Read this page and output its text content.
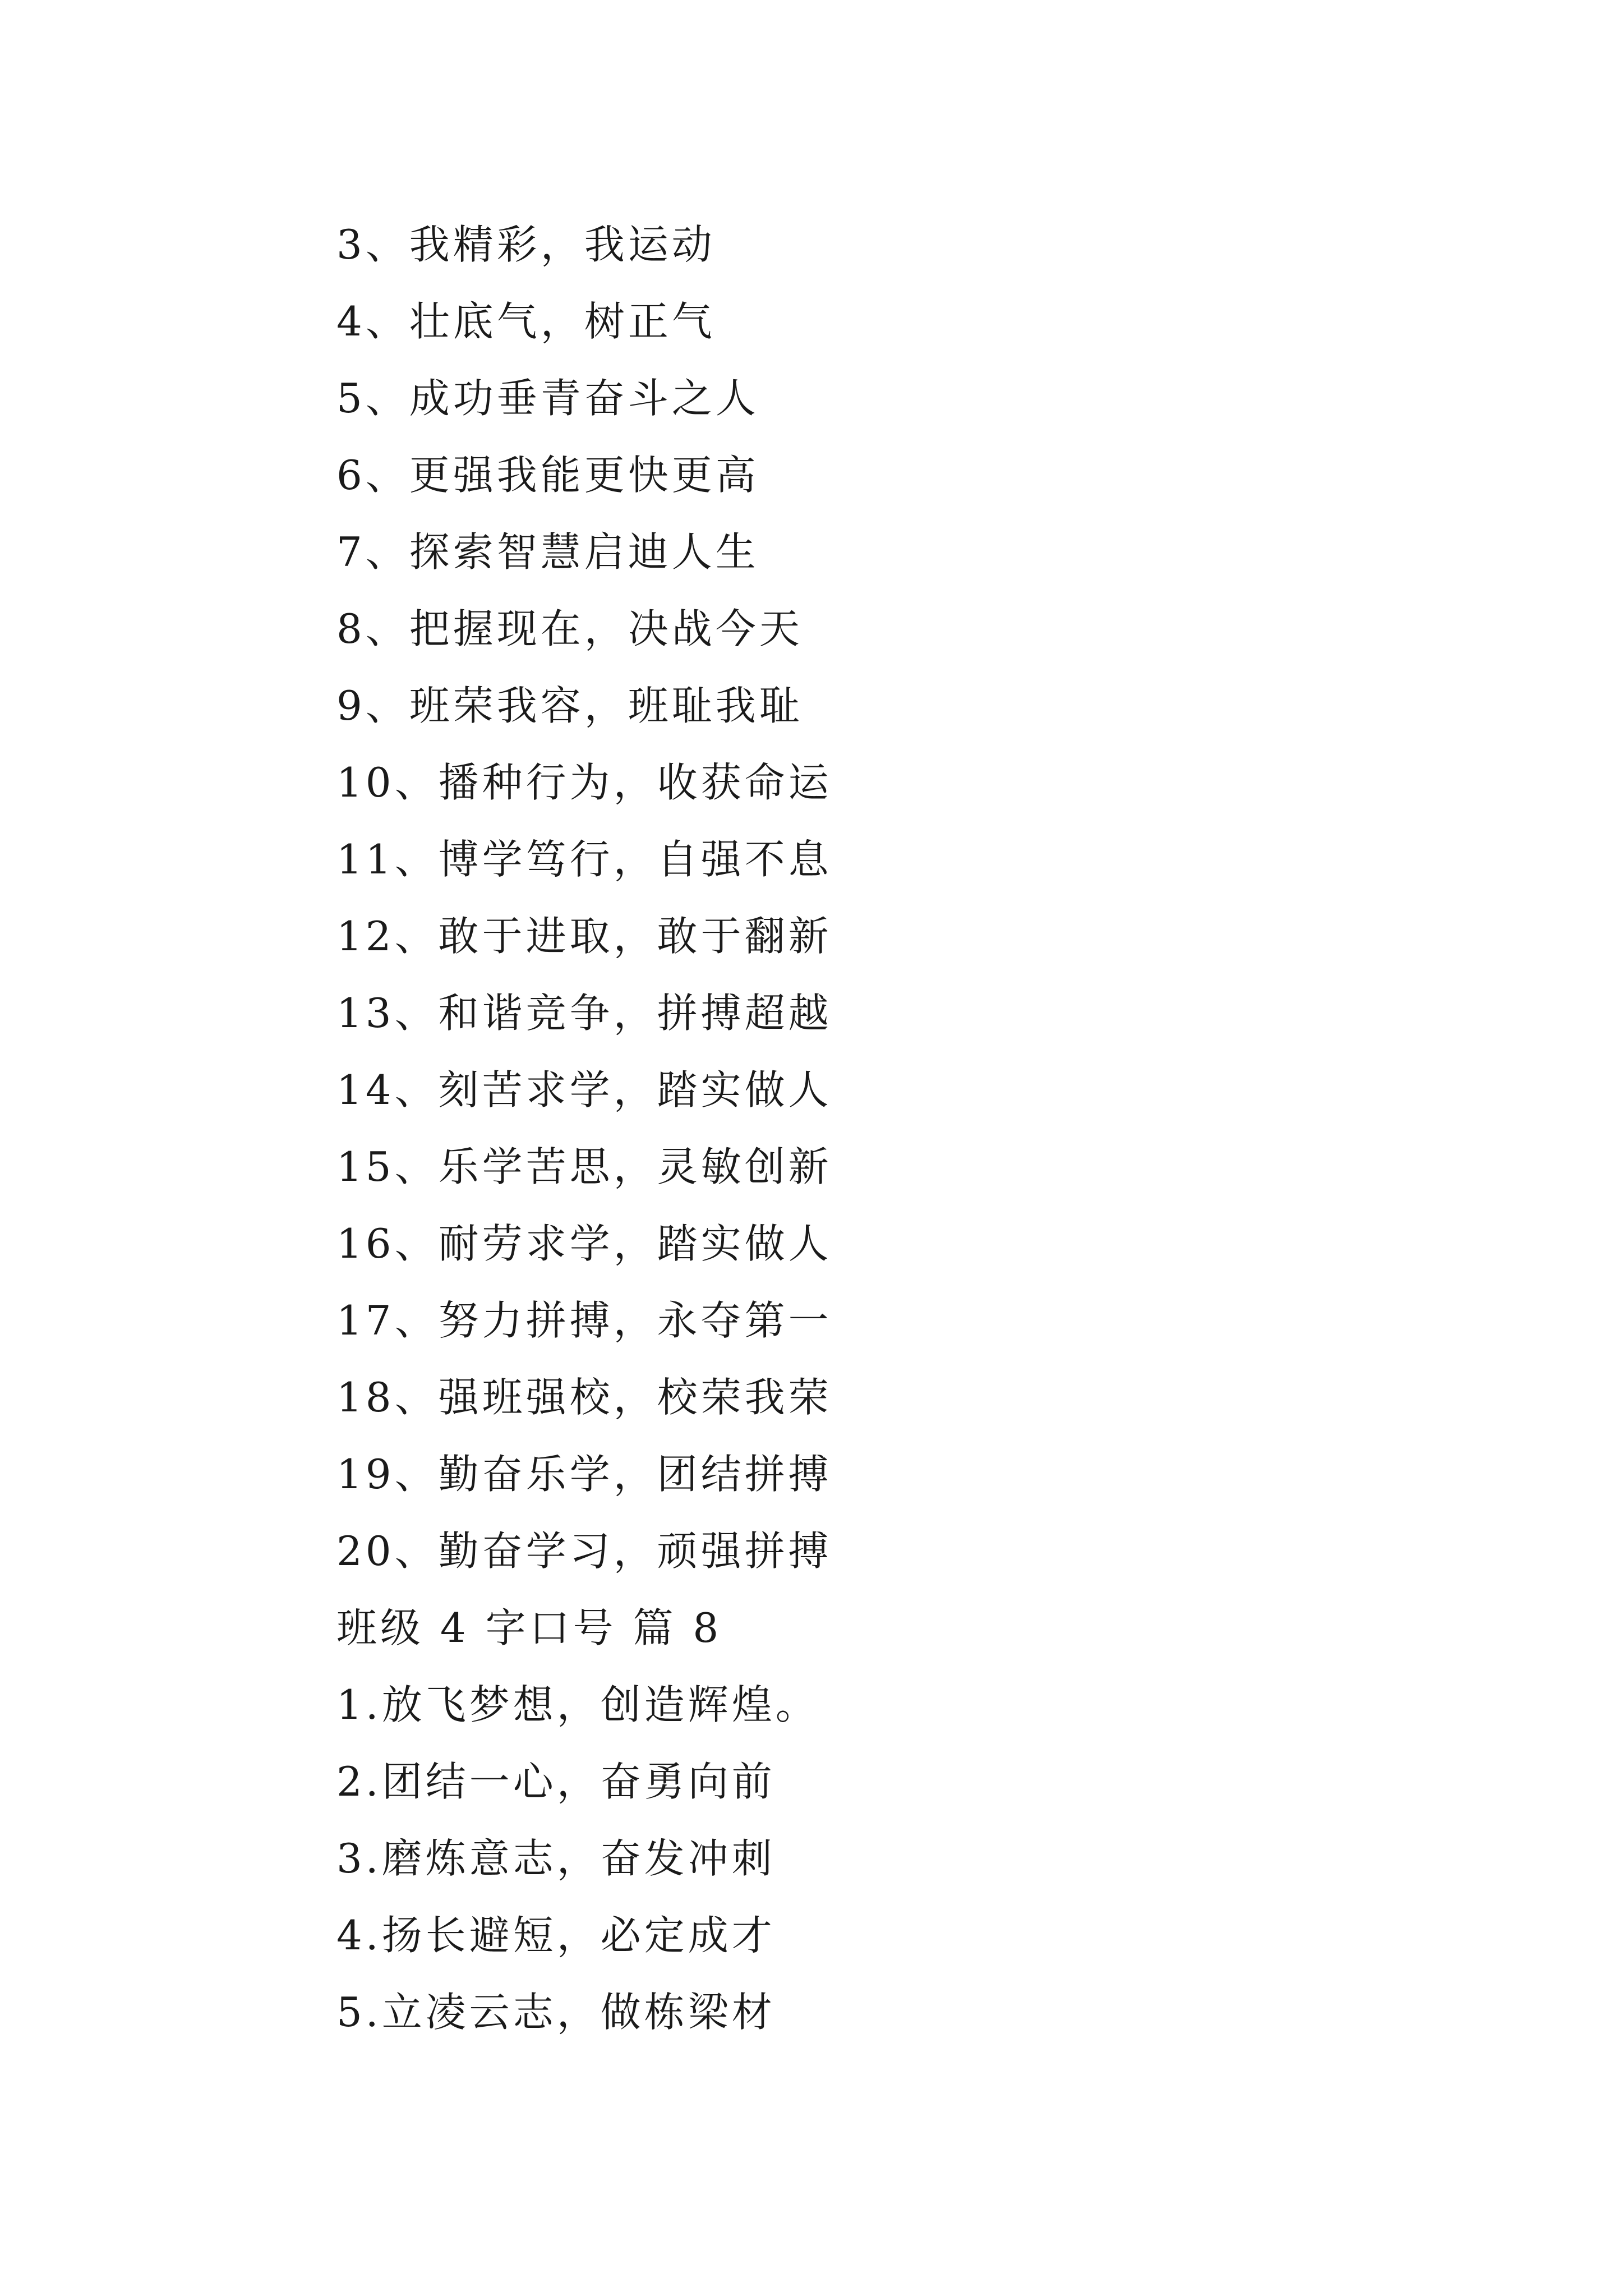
3、我精彩，我运动
4、壮底气，树正气
5、成功垂青奋斗之人
6、更强我能更快更高
7、探索智慧启迪人生
8、把握现在，决战今天
9、班荣我容，班耻我耻
10、播种行为，收获命运
11、博学笃行，自强不息
12、敢于进取，敢于翻新
13、和谐竞争，拼搏超越
14、刻苦求学，踏实做人
15、乐学苦思，灵敏创新
16、耐劳求学，踏实做人
17、努力拼搏，永夺第一
18、强班强校，校荣我荣
19、勤奋乐学，团结拼搏
20、勤奋学习，顽强拼搏
班级 4 字口号 篇 8
1.放飞梦想，创造辉煌。
2.团结一心，奋勇向前
3.磨炼意志，奋发冲刺
4.扬长避短，必定成才
5.立凌云志，做栋梁材
